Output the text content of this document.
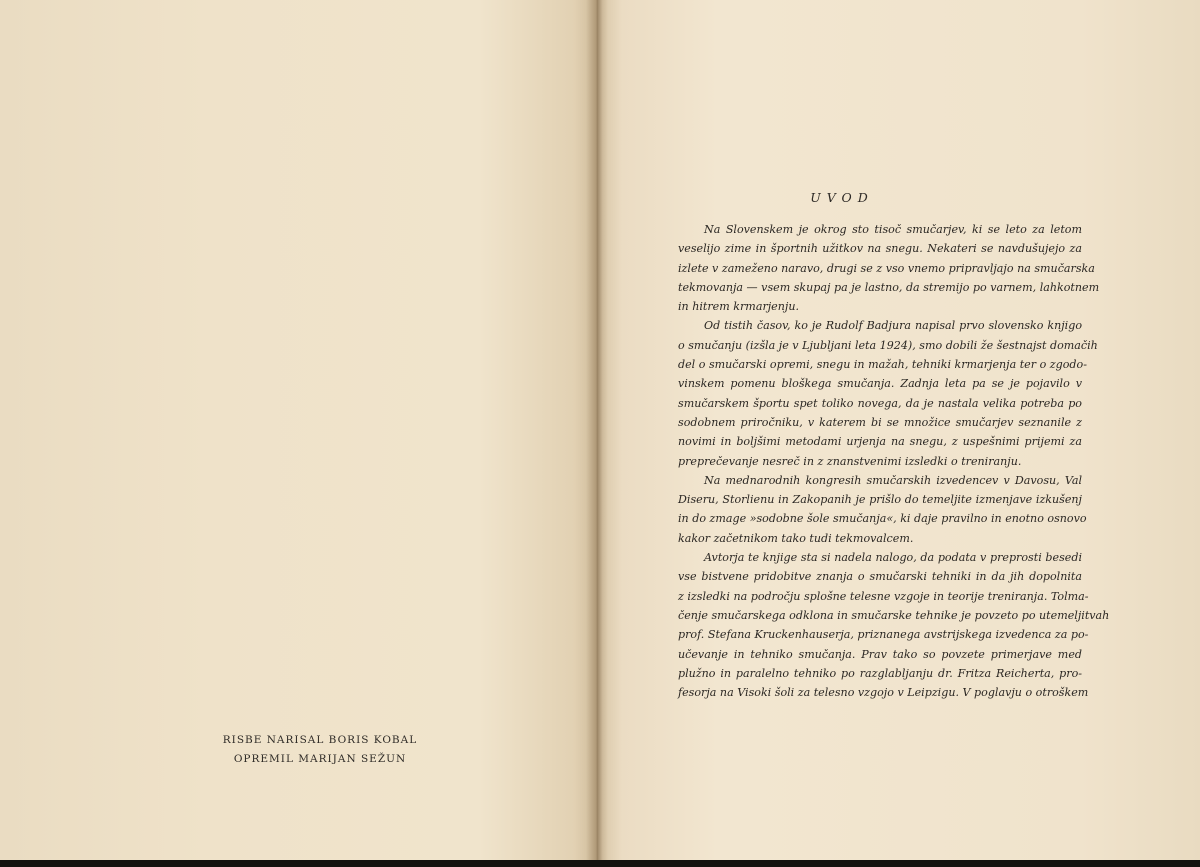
RISBE NARISAL BORIS KOBAL
OPREMIL MARIJAN SEŽUN
UVOD
Na Slovenskem je okrog sto tisoč smučarjev, ki se leto za letom
veselijo zime in športnih užitkov na snegu. Nekateri se navdušujejo za
izlete v zameženo naravo, drugi se z vso vnemo pripravljajo na smučarska
tekmovanja — vsem skupaj pa je lastno, da stremijo po varnem, lahkotnem
in hitrem krmarjenju.
Od tistih časov, ko je Rudolf Badjura napisal prvo slovensko knjigo
o smučanju (izšla je v Ljubljani leta 1924), smo dobili že šestnajst domačih
del o smučarski opremi, snegu in mažah, tehniki krmarjenja ter o zgodo-
vinskem pomenu bloškega smučanja. Zadnja leta pa se je pojavilo v
smučarskem športu spet toliko novega, da je nastala velika potreba po
sodobnem priročniku, v katerem bi se množice smučarjev seznanile z
novimi in boljšimi metodami urjenja na snegu, z uspešnimi prijemi za
preprečevanje nesreč in z znanstvenimi izsledki o treniranju.
Na mednarodnih kongresih smučarskih izvedencev v Davosu, Val
Diseru, Storlienu in Zakopanih je prišlo do temeljite izmenjave izkušenj
in do zmage »sodobne šole smučanja«, ki daje pravilno in enotno osnovo
kakor začetnikom tako tudi tekmovalcem.
Avtorja te knjige sta si nadela nalogo, da podata v preprosti besedi
vse bistvene pridobitve znanja o smučarski tehniki in da jih dopolnita
z izsledki na področju splošne telesne vzgoje in teorije treniranja. Tolma-
čenje smučarskega odklona in smučarske tehnike je povzeto po utemeljitvah
prof. Stefana Kruckenhauserja, priznanega avstrijskega izvedenca za po-
učevanje in tehniko smučanja. Prav tako so povzete primerjave med
plužno in paralelno tehniko po razglabljanju dr. Fritza Reicherta, pro-
fesorja na Visoki šoli za telesno vzgojo v Leipzigu. V poglavju o otroškem
